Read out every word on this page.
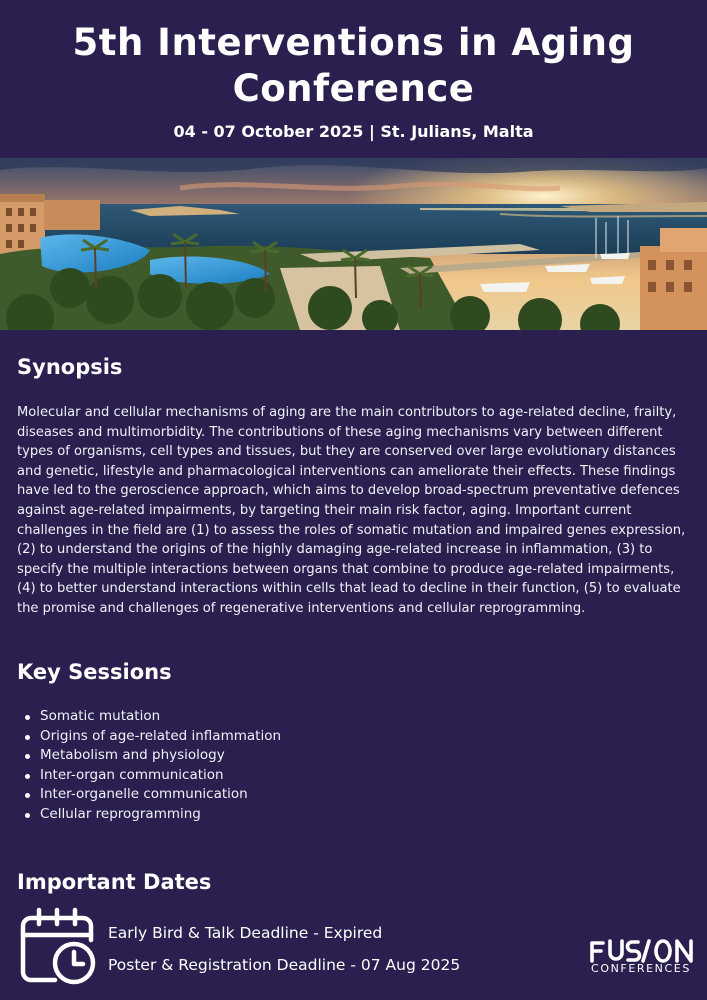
5th Interventions in Aging Conference
04 - 07 October 2025 | St. Julians, Malta
Synopsis

Molecular and cellular mechanisms of aging are the main contributors to age-related decline, frailty, diseases and multimorbidity. The contributions of these aging mechanisms vary between different types of organisms, cell types and tissues, but they are conserved over large evolutionary distances and genetic, lifestyle and pharmacological interventions can ameliorate their effects. These findings have led to the geroscience approach, which aims to develop broad-spectrum preventative defences against age-related impairments, by targeting their main risk factor, aging. Important current challenges in the field are (1) to assess the roles of somatic mutation and impaired genes expression, (2) to understand the origins of the highly damaging age-related increase in inflammation, (3) to specify the multiple interactions between organs that combine to produce age-related impairments, (4) to better understand interactions within cells that lead to decline in their function, (5) to evaluate the promise and challenges of regenerative interventions and cellular reprogramming.

Key Sessions
Somatic mutation
Origins of age-related inflammation
Metabolism and physiology
Inter-organ communication
Inter-organelle communication
Cellular reprogramming
Important Dates
Early Bird & Talk Deadline - Expired
Poster & Registration Deadline - 07 Aug 2025	CONFERENCES
